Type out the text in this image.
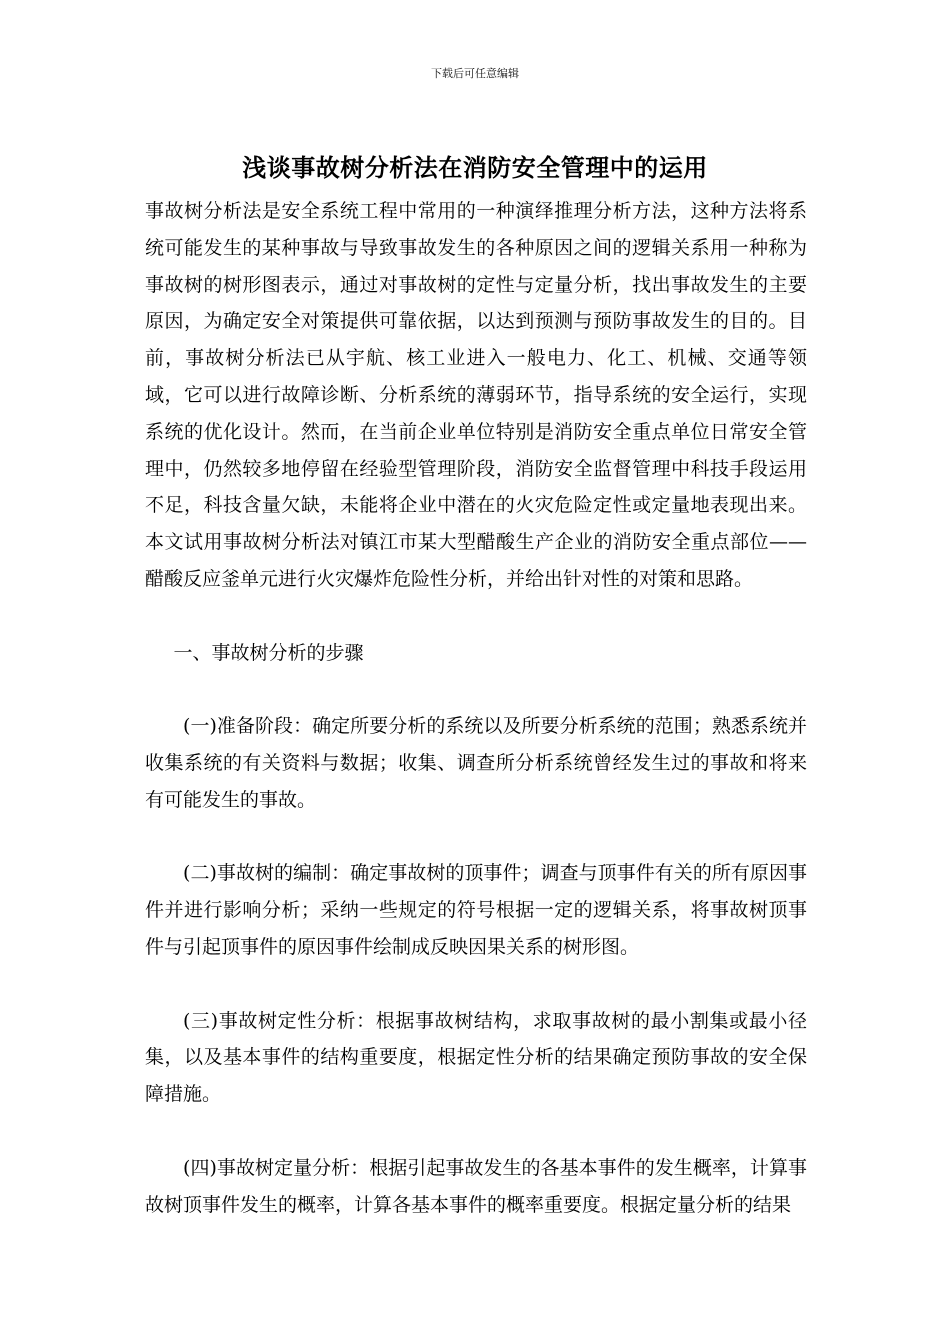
下载后可任意编辑
浅谈事故树分析法在消防安全管理中的运用

事故树分析法是安全系统工程中常用的一种演绎推理分析方法，这种方法将系统可能发生的某种事故与导致事故发生的各种原因之间的逻辑关系用一种称为事故树的树形图表示，通过对事故树的定性与定量分析，找出事故发生的主要原因，为确定安全对策提供可靠依据，以达到预测与预防事故发生的目的。目前，事故树分析法已从宇航、核工业进入一般电力、化工、机械、交通等领域，它可以进行故障诊断、分析系统的薄弱环节，指导系统的安全运行，实现系统的优化设计。然而，在当前企业单位特别是消防安全重点单位日常安全管理中，仍然较多地停留在经验型管理阶段，消防安全监督管理中科技手段运用不足，科技含量欠缺，未能将企业中潜在的火灾危险定性或定量地表现出来。本文试用事故树分析法对镇江市某大型醋酸生产企业的消防安全重点部位——醋酸反应釜单元进行火灾爆炸危险性分析，并给出针对性的对策和思路。

一、事故树分析的步骤

(一)准备阶段：确定所要分析的系统以及所要分析系统的范围；熟悉系统并收集系统的有关资料与数据；收集、调查所分析系统曾经发生过的事故和将来有可能发生的事故。

(二)事故树的编制：确定事故树的顶事件；调查与顶事件有关的所有原因事件并进行影响分析；采纳一些规定的符号根据一定的逻辑关系，将事故树顶事件与引起顶事件的原因事件绘制成反映因果关系的树形图。

(三)事故树定性分析：根据事故树结构，求取事故树的最小割集或最小径集，以及基本事件的结构重要度，根据定性分析的结果确定预防事故的安全保障措施。

(四)事故树定量分析：根据引起事故发生的各基本事件的发生概率，计算事故树顶事件发生的概率，计算各基本事件的概率重要度。根据定量分析的结果
